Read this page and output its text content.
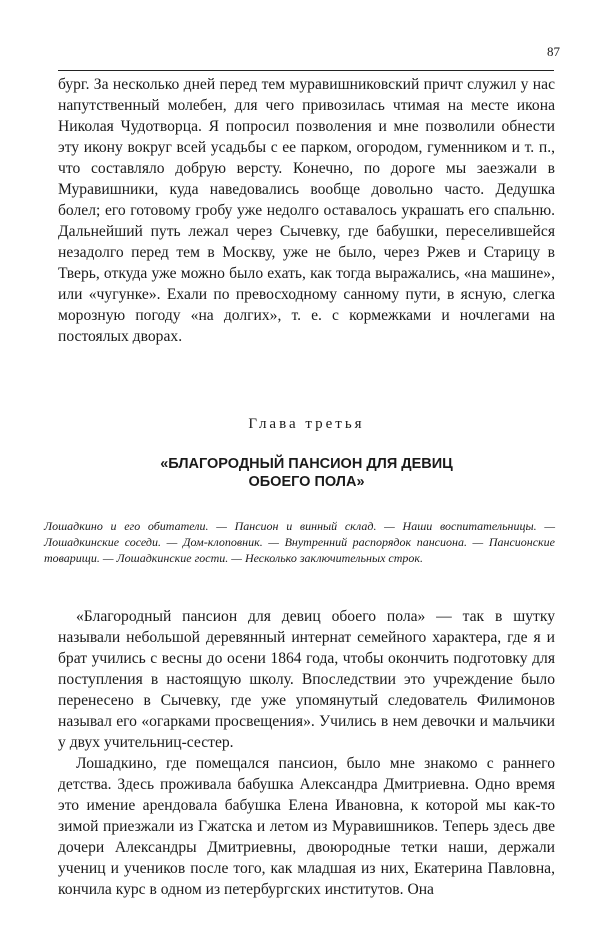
87

бург. За несколько дней перед тем муравишниковский причт служил у нас напутственный молебен, для чего привозилась чтимая на месте икона Николая Чудотворца. Я попросил позволения и мне позволили обнести эту икону вокруг всей усадьбы с ее парком, огородом, гуменником и т. п., что составляло добрую версту. Конечно, по дороге мы заезжали в Муравишники, куда наведовались вообще довольно часто. Дедушка болел; его готовому гробу уже недолго оставалось украшать его спальню. Дальнейший путь лежал через Сычевку, где бабушки, переселившейся незадолго перед тем в Москву, уже не было, через Ржев и Старицу в Тверь, откуда уже можно было ехать, как тогда выражались, «на машине», или «чугунке». Ехали по превосходному санному пути, в ясную, слегка морозную погоду «на долгих», т. е. с кормежками и ночлегами на постоялых дворах.

Глава третья
«БЛАГОРОДНЫЙ ПАНСИОН ДЛЯ ДЕВИЦ
ОБОЕГО ПОЛА»
Лошадкино и его обитатели. — Пансион и винный склад. — Наши воспитательницы. — Лошадкинские соседи. — Дом-клоповник. — Внутренний распорядок пансиона. — Пансионские товарищи. — Лошадкинские гости. — Несколько заключительных строк.

«Благородный пансион для девиц обоего пола» — так в шутку называли небольшой деревянный интернат семейного характера, где я и брат учились с весны до осени 1864 года, чтобы окончить подготовку для поступления в настоящую школу. Впоследствии это учреждение было перенесено в Сычевку, где уже упомянутый следователь Филимонов называл его «огарками просвещения». Учились в нем девочки и мальчики у двух учительниц-сестер.

Лошадкино, где помещался пансион, было мне знакомо с раннего детства. Здесь проживала бабушка Александра Дмитриевна. Одно время это имение арендовала бабушка Елена Ивановна, к которой мы как-то зимой приезжали из Гжатска и летом из Муравишников. Теперь здесь две дочери Александры Дмитриевны, двоюродные тетки наши, держали учениц и учеников после того, как младшая из них, Екатерина Павловна, кончила курс в одном из петербургских институтов. Она
